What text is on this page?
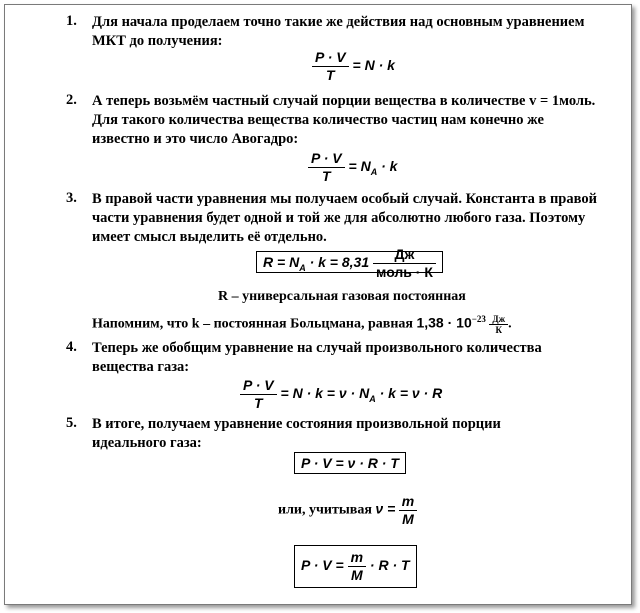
1. Для начала проделаем точно такие же действия над основным уравнением МКТ до получения:
$\frac{P \cdot V}{T} = N \cdot k$
2. А теперь возьмём частный случай порции вещества в количестве v = 1моль. Для такого количества вещества количество частиц нам конечно же известно и это число Авогадро:
$\frac{P \cdot V}{T} = N_A \cdot k$
3. В правой части уравнения мы получаем особый случай. Константа в правой части уравнения будет одной и той же для абсолютно любого газа. Поэтому имеет смысл выделить её отдельно.
$R = N_A \cdot k = 8,31 \frac{Дж}{\text{моль · К}}$
R – универсальная газовая постоянная
Напомним, что k – постоянная Больцмана, равная $1,38 \cdot 10^{-23} \frac{Дж}{К}$ .
4. Теперь же обобщим уравнение на случай произвольного количества вещества газа:
$\frac{P \cdot V}{T} = N \cdot k = \nu \cdot N_A \cdot k = \nu \cdot R$
5. В итоге, получаем уравнение состояния произвольной порции идеального газа:
P · V = ν · R · T
или, учитывая $\nu = \frac{m}{M}$
$P \cdot V = \frac{m}{M} \cdot R \cdot T$
